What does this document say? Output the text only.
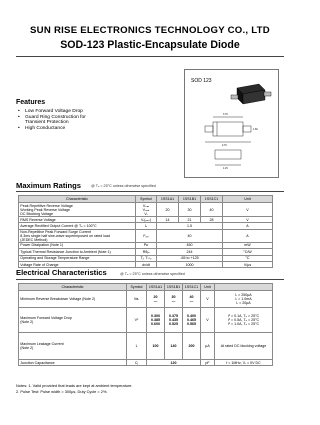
SUN RISE ELECTRONICS TECHNOLOGY CO., LTD
SOD-123 Plastic-Encapsulate Diode
SOD 123
3.70
2.70
1.60
1.15
Features
• Low Forward Voltage Drop
• Guard Ring Construction for
Transient Protection
• High Conductance
Maximum Ratings	@ Tₐ = 25°C unless otherwise specified
Characteristic	Symbol	1SS1A1	1SS1B1	1SS1C1	Unit
Peak Repetitive Reverse Voltage
Working Peak Reverse Voltage
DC Blocking Voltage	Vᵣᵣₘ
Vᵣᵥₘ
Vᵣ	20	30	40	V
RMS Reverse Voltage	Vᵣ(ᵣₘₛ)	14	21	28	V
Average Rectified Output Current @ Tₐ = 100°C	Iₒ	1.5			A
Non-Repetitive Peak Forward Surge Current
8.3ms single half sine-wave superimposed on rated load
(JEDEC Method)	Iꟳₛₘ	40			A
Power Dissipation (Note 1)	Pᴅ	450			mW
Typical Thermal Resistance Junction to Ambient (Note 1)	Rθⱼₐ	244			°C/W
Operating and Storage Temperature Range	Tⱼ, Tₛₜ₉	-65 to +125			°C
Voltage Rate of Change	dv/dt	1000			V/μs
Electrical Characteristics	@ Tₐ = 25°C unless otherwise specified
Characteristic	Symbol	1SS1A1	1SS1B1	1SS1C1	Unit	
Minimum Reverse Breakdown Voltage (Note 2)	Vʙᵣ	20
—	30
—	40
—	V	Iᵣ = 250μA
Iᵣ = 1.0mA
Iᵣ = 20μA
Maximum Forward Voltage Drop
(Note 2)	Vꟳ	0.300
0.385
0.600	0.375
0.435
0.525	0.400
0.465
0.565	V	Iꟳ = 0.1A, Tₐ = 25°C
Iꟳ = 0.5A, Tₐ = 25°C
Iꟳ = 1.0A, Tₐ = 25°C
Maximum Leakage Current
(Note 2)	Iᵣ	100	140	200	μA	At rated DC blocking voltage
Junction Capacitance	Cⱼ	120			pF	f = 1MHz, Vᵣ = 0V DC
Notes: 1. Valid provided that leads are kept at ambient temperature.
2. Pulse Test: Pulse width = 300μs, Duty Cycle = 2%.
